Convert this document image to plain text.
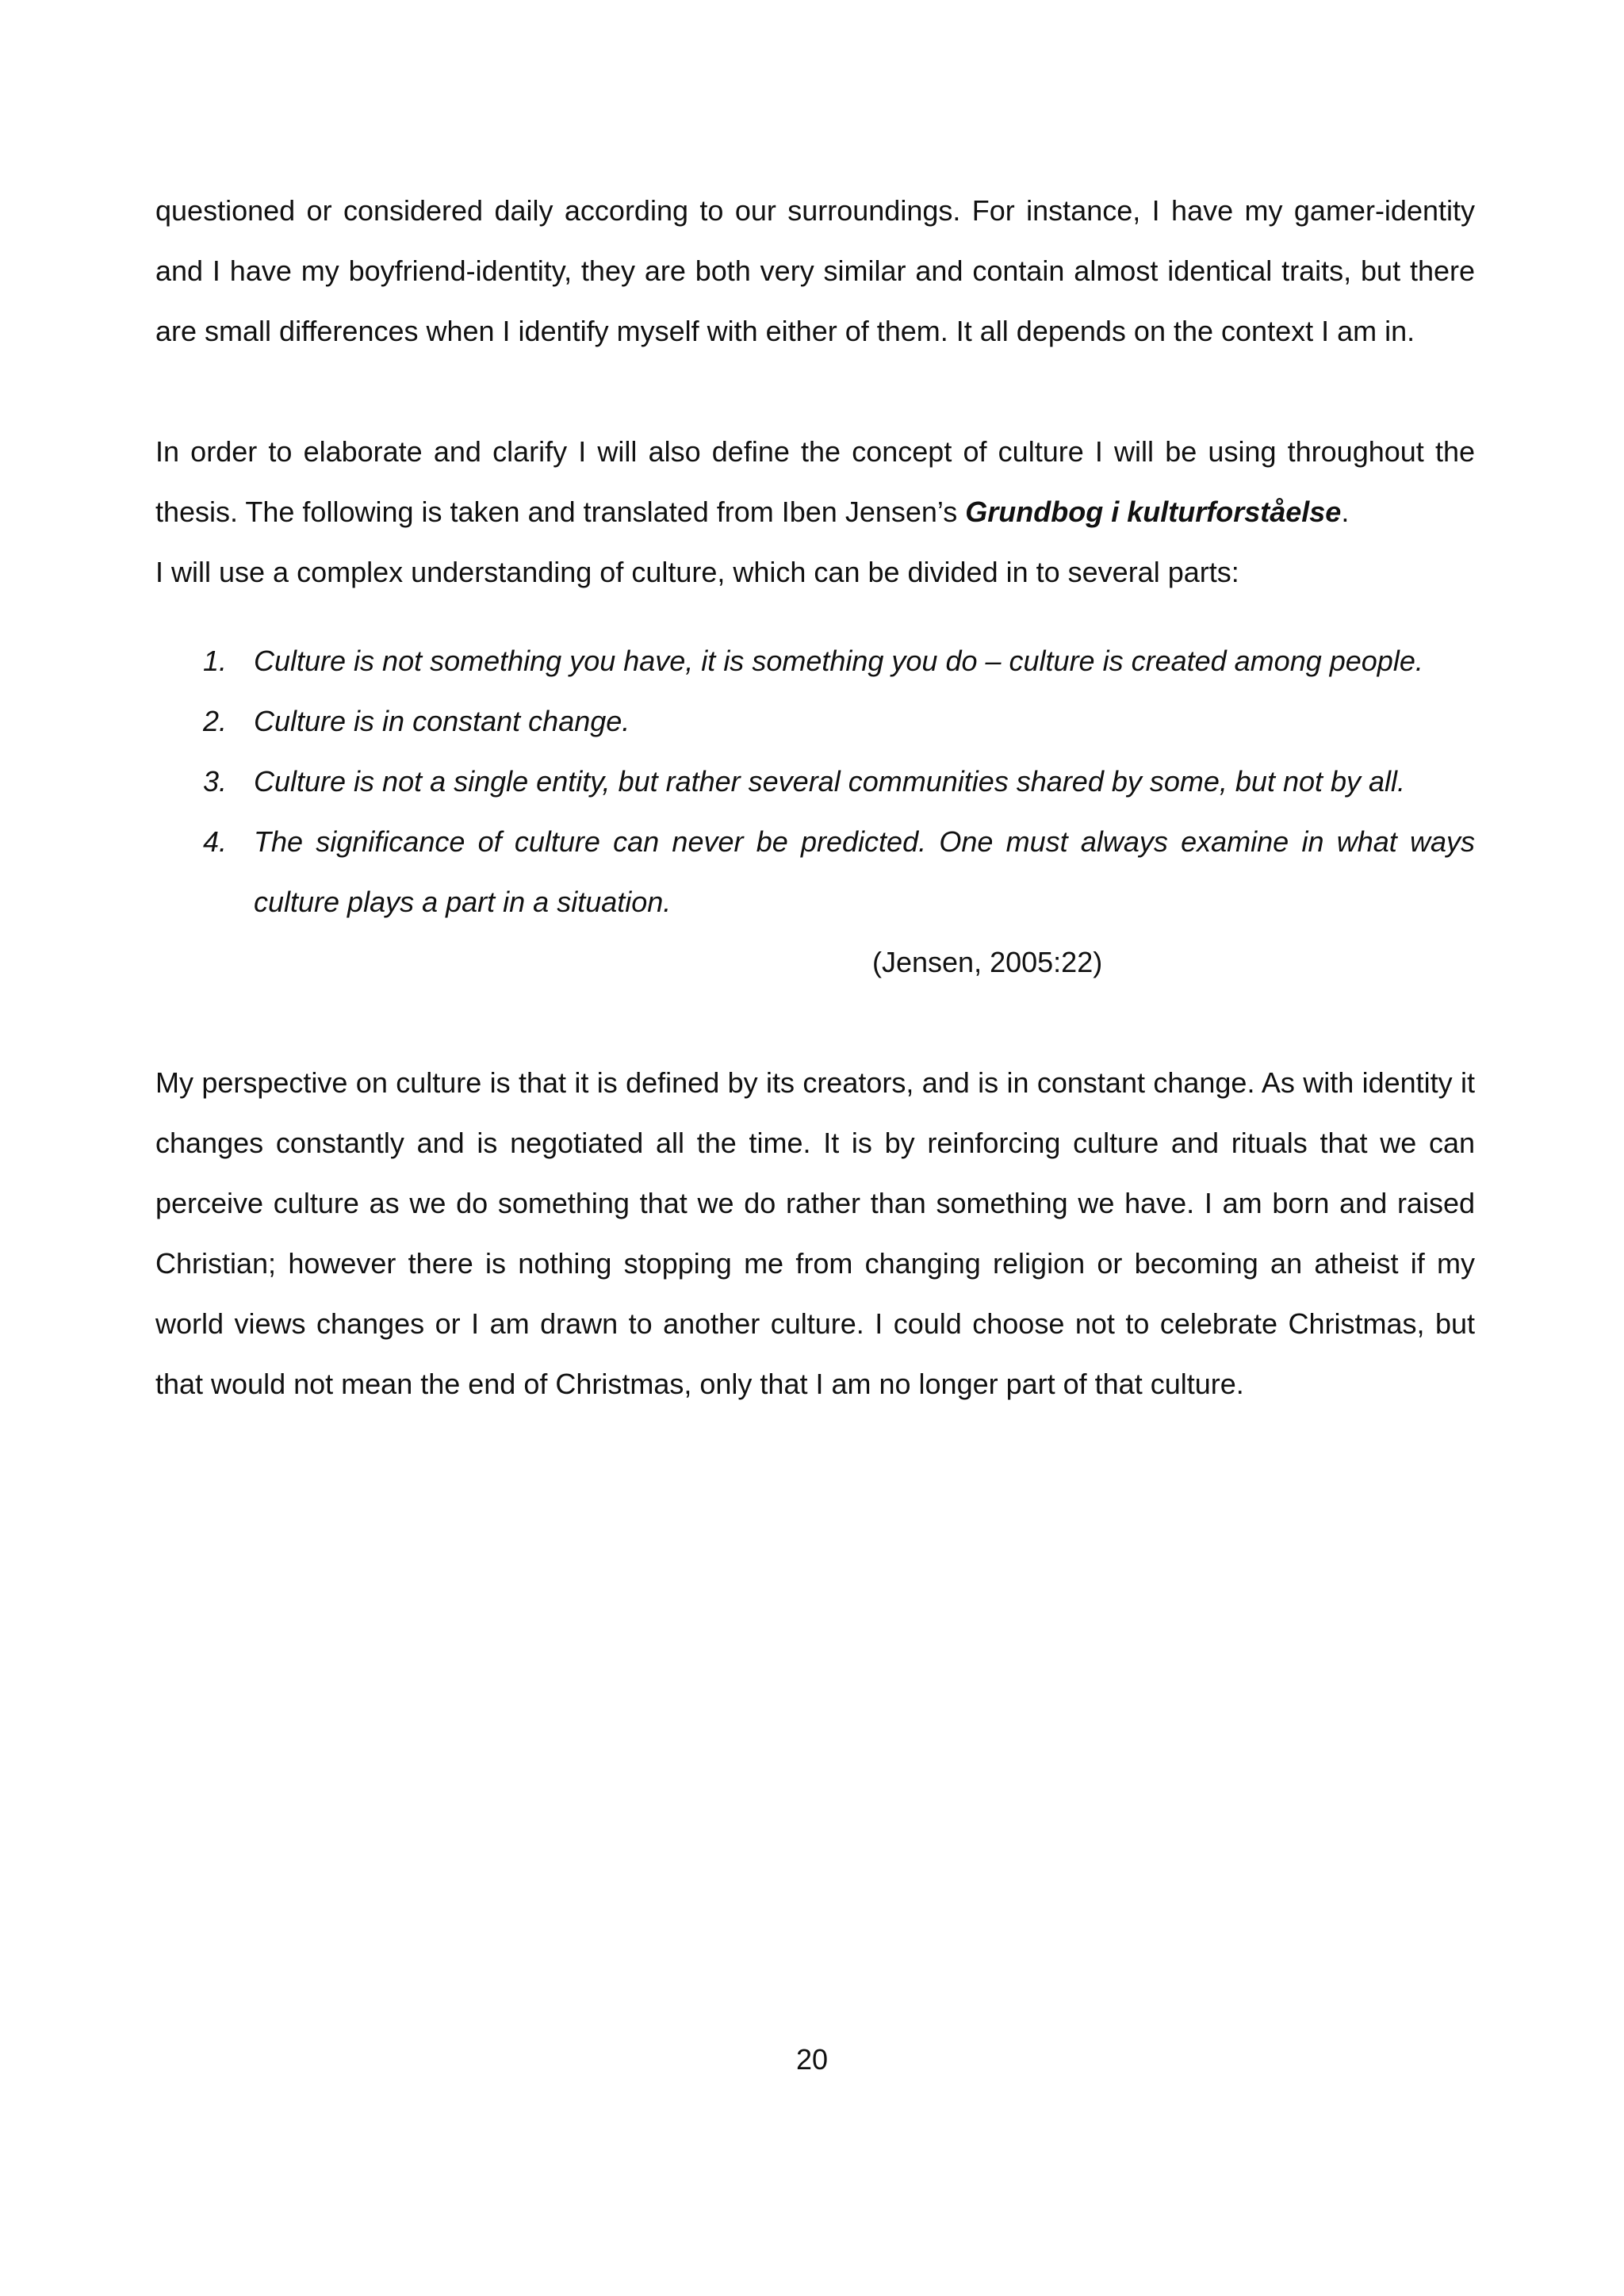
questioned or considered daily according to our surroundings. For instance, I have my gamer-identity and I have my boyfriend-identity, they are both very similar and contain almost identical traits, but there are small differences when I identify myself with either of them. It all depends on the context I am in.

In order to elaborate and clarify I will also define the concept of culture I will be using throughout the thesis. The following is taken and translated from Iben Jensen’s Grundbog i kulturforståelse.

I will use a complex understanding of culture, which can be divided in to several parts:

1. Culture is not something you have, it is something you do – culture is created among people.
2. Culture is in constant change.
3. Culture is not a single entity, but rather several communities shared by some, but not by all.
4. The significance of culture can never be predicted. One must always examine in what ways culture plays a part in a situation.

(Jensen, 2005:22)

My perspective on culture is that it is defined by its creators, and is in constant change. As with identity it changes constantly and is negotiated all the time. It is by reinforcing culture and rituals that we can perceive culture as we do something that we do rather than something we have. I am born and raised Christian; however there is nothing stopping me from changing religion or becoming an atheist if my world views changes or I am drawn to another culture. I could choose not to celebrate Christmas, but that would not mean the end of Christmas, only that I am no longer part of that culture.

20
